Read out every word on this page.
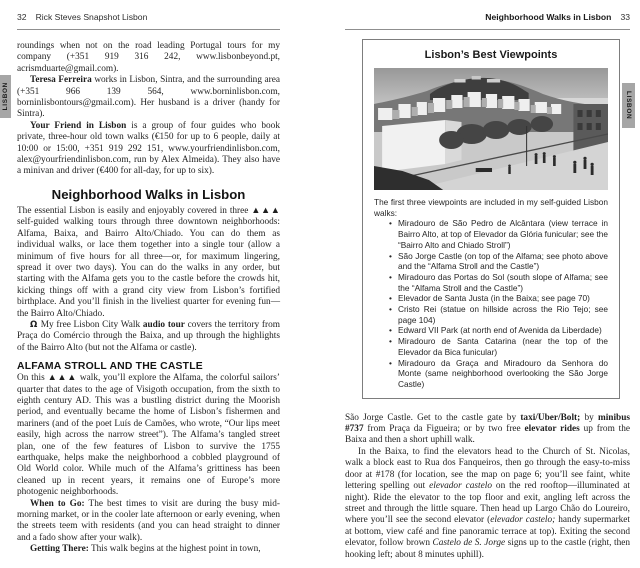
LISBON	LISBON
32 Rick Steves Snapshot Lisbon

roundings when not on the road leading Portugal tours for my company (+351 919 316 242, www.lisbonbeyond.pt, acrismduarte@gmail.com).

Teresa Ferreira works in Lisbon, Sintra, and the surrounding area (+351 966 139 564, www.borninlisbon.com, borninlisbontours@gmail.com). Her husband is a driver (handy for Sintra).

Your Friend in Lisbon is a group of four guides who book private, three-hour old town walks (€150 for up to 6 people, daily at 10:00 or 15:00, +351 919 292 151, www.yourfriendinlisbon.com, alex@yourfriendinlisbon.com, run by Alex Almeida). They also have a minivan and driver (€400 for all-day, for up to six).

Neighborhood Walks in Lisbon

The essential Lisbon is easily and enjoyably covered in three ▲▲▲ self-guided walking tours through three downtown neighborhoods: Alfama, Baixa, and Bairro Alto/Chiado. You can do them as individual walks, or lace them together into a single tour (allow a minimum of five hours for all three—or, for maximum lingering, spread it over two days). You can do the walks in any order, but starting with the Alfama gets you to the castle before the crowds hit, kicking things off with a grand city view from Lisbon’s fortified birthplace. And you’ll finish in the liveliest quarter for evening fun—the Bairro Alto/Chiado.

Ω My free Lisbon City Walk audio tour covers the territory from Praça do Comércio through the Baixa, and up through the highlights of the Bairro Alto (but not the Alfama or castle).

ALFAMA STROLL AND THE CASTLE

On this ▲▲▲ walk, you’ll explore the Alfama, the colorful sailors’ quarter that dates to the age of Visigoth occupation, from the sixth to eighth century AD. This was a bustling district during the Moorish period, and eventually became the home of Lisbon’s fishermen and mariners (and of the poet Luís de Camões, who wrote, “Our lips meet easily, high across the narrow street”). The Alfama’s tangled street plan, one of the few features of Lisbon to survive the 1755 earthquake, helps make the neighborhood a cobbled playground of Old World color. While much of the Alfama’s grittiness has been cleaned up in recent years, it remains one of Europe’s more photogenic neighborhoods.

When to Go: The best times to visit are during the busy mid-morning market, or in the cooler late afternoon or early evening, when the streets teem with residents (and you can head straight to dinner and a fado show after your walk).

Getting There: This walk begins at the highest point in town,

Neighborhood Walks in Lisbon 33
Lisbon’s Best Viewpoints

The first three viewpoints are included in my self-guided Lisbon walks:

• Miradouro de São Pedro de Alcântara (view terrace in Bairro Alto, at top of Elevador da Glória funicular; see the “Bairro Alto and Chiado Stroll”)
• São Jorge Castle (on top of the Alfama; see photo above and the “Alfama Stroll and the Castle”)
• Miradouro das Portas do Sol (south slope of Alfama; see the “Alfama Stroll and the Castle”)
• Elevador de Santa Justa (in the Baixa; see page 70)
• Cristo Rei (statue on hillside across the Rio Tejo; see page 104)
• Edward VII Park (at north end of Avenida da Liberdade)
• Miradouro de Santa Catarina (near the top of the Elevador da Bica funicular)
• Miradouro da Graça and Miradouro da Senhora do Monte (same neighborhood overlooking the São Jorge Castle)

São Jorge Castle. Get to the castle gate by taxi/Uber/Bolt; by minibus #737 from Praça da Figueira; or by two free elevator rides up from the Baixa and then a short uphill walk.

In the Baixa, to find the elevators head to the Church of St. Nicolas, walk a block east to Rua dos Fanqueiros, then go through the easy-to-miss door at #178 (for location, see the map on page 6; you’ll see faint, white lettering spelling out elevador castelo on the red rooftop—illuminated at night). Ride the elevator to the top floor and exit, angling left across the street and through the little square. Then head up Largo Chão do Loureiro, where you’ll see the second elevator (elevador castelo; handy supermarket at bottom, view café and fine panoramic terrace at top). Exiting the second elevator, follow brown Castelo de S. Jorge signs up to the castle (right, then hooking left; about 8 minutes uphill).
